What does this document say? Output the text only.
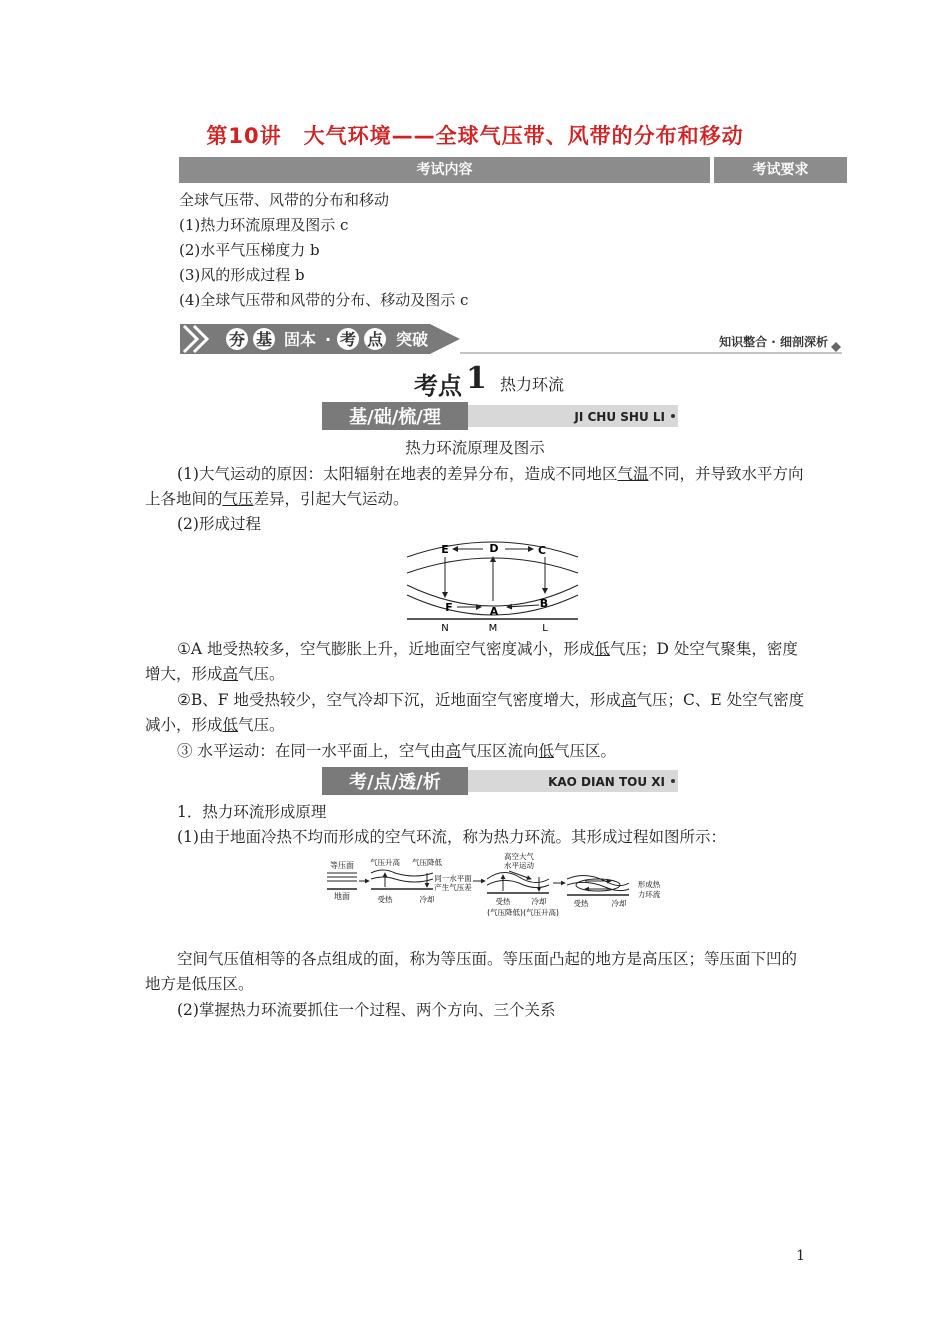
第10讲　大气环境——全球气压带、风带的分布和移动
考试内容	考试要求
全球气压带、风带的分布和移动
(1)热力环流原理及图示 c
(2)水平气压梯度力 b
(3)风的形成过程 b
(4)全球气压带和风带的分布、移动及图示 c
夯 基 固本 · 考 点 突破	知识整合 · 细剖深析
考点 1 热力环流
基/础/梳/理	JI CHU SHU LI
热力环流原理及图示
(1)大气运动的原因：太阳辐射在地表的差异分布，造成不同地区气温不同，并导致水平方向上各地间的气压差异，引起大气运动。
(2)形成过程
E	D	C
F	A
B
N	M	L
①A 地受热较多，空气膨胀上升，近地面空气密度减小，形成低气压；D 处空气聚集，密度增大，形成高气压。
②B、F 地受热较少，空气冷却下沉，近地面空气密度增大，形成高气压；C、E 处空气密度减小，形成低气压。
③ 水平运动：在同一水平面上，空气由高气压区流向低气压区。
考/点/透/析	KAO DIAN TOU XI
1．热力环流形成原理
(1)由于地面冷热不均而形成的空气环流，称为热力环流。其形成过程如图所示：
等压面
地面
气压升高 气压降低
同一水平面
产生气压差
受热	冷却
高空大气
水平运动
受热	冷却
(气压降低) (气压升高)
受热	冷却
形成热
力环流
空间气压值相等的各点组成的面，称为等压面。等压面凸起的地方是高压区；等压面下凹的地方是低压区。
(2)掌握热力环流要抓住一个过程、两个方向、三个关系
1
